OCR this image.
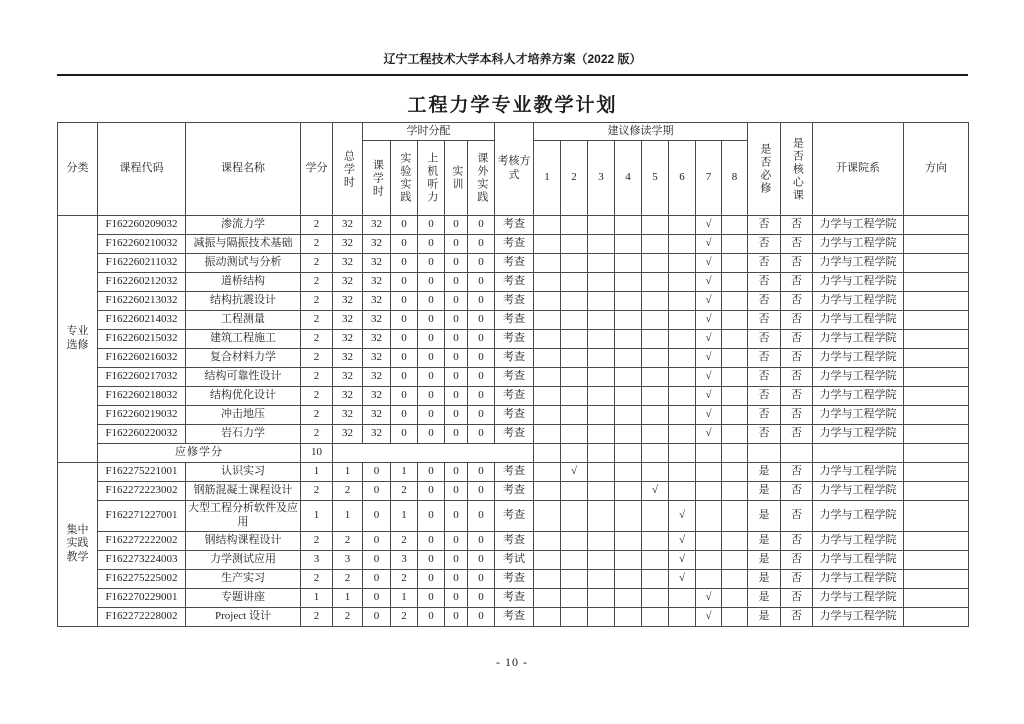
辽宁工程技术大学本科人才培养方案（2022 版）
工程力学专业教学计划
分类	课程代码	课程名称	学分	总学时	学时分配					考核方式	建议修读学期								是否必修	是否核心课	开课院系	方向
					课学时	实验实践	上机听力	实训	课外实践		1	2	3	4	5	6	7	8				

专业
选修	F162260209032	渗流力学	2	32	32	0	0	0	0	考查							√		否	否	力学与工程学院	
	F162260210032	减振与隔振技术基础	2	32	32	0	0	0	0	考查							√		否	否	力学与工程学院	
	F162260211032	振动测试与分析	2	32	32	0	0	0	0	考查							√		否	否	力学与工程学院	
	F162260212032	道桥结构	2	32	32	0	0	0	0	考查							√		否	否	力学与工程学院	
	F162260213032	结构抗震设计	2	32	32	0	0	0	0	考查							√		否	否	力学与工程学院	
	F162260214032	工程测量	2	32	32	0	0	0	0	考查							√		否	否	力学与工程学院	
	F162260215032	建筑工程施工	2	32	32	0	0	0	0	考查							√		否	否	力学与工程学院	
	F162260216032	复合材料力学	2	32	32	0	0	0	0	考查							√		否	否	力学与工程学院	
	F162260217032	结构可靠性设计	2	32	32	0	0	0	0	考查							√		否	否	力学与工程学院	
	F162260218032	结构优化设计	2	32	32	0	0	0	0	考查							√		否	否	力学与工程学院	
	F162260219032	冲击地压	2	32	32	0	0	0	0	考查							√		否	否	力学与工程学院	
	F162260220032	岩石力学	2	32	32	0	0	0	0	考查							√		否	否	力学与工程学院	
	应修学分		10																			

集中
实践
教学	F162275221001	认识实习	1	1	0	1	0	0	0	考查		√							是	否	力学与工程学院	
	F162272223002	钢筋混凝土课程设计	2	2	0	2	0	0	0	考查					√				是	否	力学与工程学院	
	F162271227001	大型工程分析软件及应用	1	1	0	1	0	0	0	考查						√			是	否	力学与工程学院	
	F162272222002	钢结构课程设计	2	2	0	2	0	0	0	考查						√			是	否	力学与工程学院	
	F162273224003	力学测试应用	3	3	0	3	0	0	0	考试						√			是	否	力学与工程学院	
	F162275225002	生产实习	2	2	0	2	0	0	0	考查						√			是	否	力学与工程学院	
	F162270229001	专题讲座	1	1	0	1	0	0	0	考查							√		是	否	力学与工程学院	
	F162272228002	Project 设计	2	2	0	2	0	0	0	考查							√		是	否	力学与工程学院	
- 10 -
